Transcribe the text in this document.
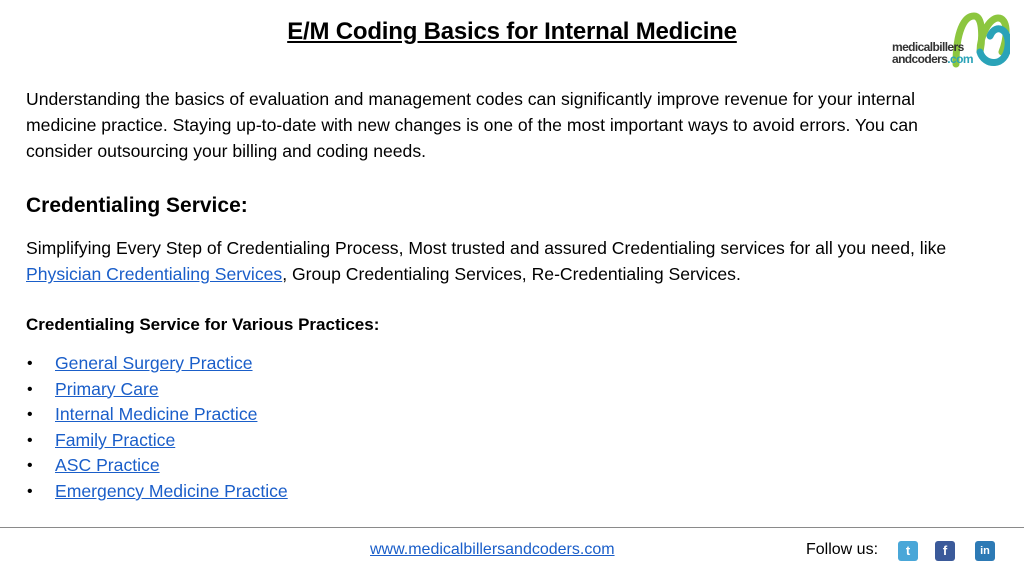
E/M Coding Basics for Internal Medicine
medicalbillers
andcoders.com

Understanding the basics of evaluation and management codes can significantly improve revenue for your internal medicine practice. Staying up-to-date with new changes is one of the most important ways to avoid errors. You can consider outsourcing your billing and coding needs.

Credentialing Service:

Simplifying Every Step of Credentialing Process, Most trusted and assured Credentialing services for all you need, like Physician Credentialing Services, Group Credentialing Services, Re-Credentialing Services.

Credentialing Service for Various Practices:
• General Surgery Practice
• Primary Care
• Internal Medicine Practice
• Family Practice
• ASC Practice
• Emergency Medicine Practice
www.medicalbillersandcoders.com	Follow us:	t	f	in
